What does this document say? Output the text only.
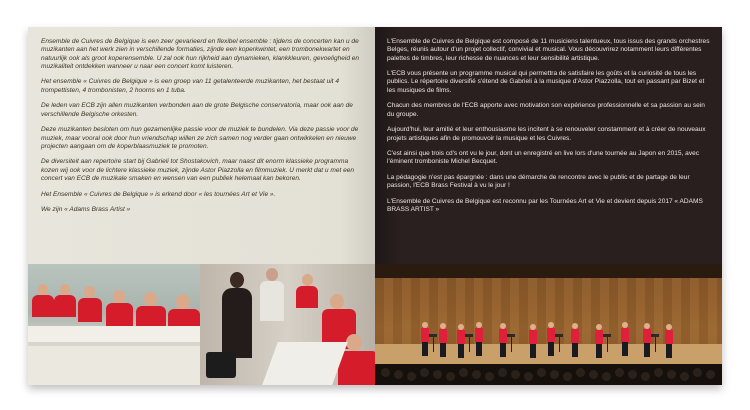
Ensemble de Cuivres de Belgique is een zeer gevarieerd en flexibel ensemble : tijdens de concerten kan u de muzikanten aan het werk zien in verschillende formaties, zijnde een koperkwintet, een trombonekwartet en natuurlijk ook als groot koperensemble. U zal ook hun rijkheid aan dynamieken, klankkleuren, gevoeligheid en muzikaliteit ontdekken wanneer u naar een concert komt luisteren.

Het ensemble « Cuivres de Belgique » is een groep van 11 getalenteerde muzikanten, het bestaat uit 4 trompettisten, 4 trombonisten, 2 hoorns en 1 tuba.

De leden van ECB zijn allen muzikanten verbonden aan de grote Belgische conservatoria, maar ook aan de verschillende Belgische orkesten.

Deze muzikanten besloten om hun gezamenlijke passie voor de muziek te bundelen. Via deze passie voor de muziek, maar vooral ook door hun vriendschap willen ze zich samen nog verder gaan ontwikkelen en nieuwe projecten aangaan om de koperblaasmuziek te promoten.

De diversiteit aan repertoire start bij Gabrieli tot Shostakovich, maar naast dit enorm klassieke programma kozen wij ook voor de lichtere klassieke muziek, zijnde Astor Piazzolla en filmmuziek. U merkt dat u met een concert van ECB de muzikale smaken en wensen van een publiek helemaal kan bekoren.

Het Ensemble « Cuivres de Belgique » is erkend door « les tournées Art et Vie ».

We zijn « Adams Brass Artist »

L'Ensemble de Cuivres de Belgique est composé de 11 musiciens talentueux, tous issus des grands orchestres Belges, réunis autour d'un projet collectif, convivial et musical. Vous découvrirez notamment leurs différentes palettes de timbres, leur richesse de nuances et leur sensibilité artistique.

L'ECB vous présente un programme musical qui permettra de satisfaire les goûts et la curiosité de tous les publics. Le répertoire diversifié s'étend de Gabrieli à la musique d'Astor Piazzolla, tout en passant par Bizet et les musiques de films.

Chacun des membres de l'ECB apporte avec motivation son expérience professionnelle et sa passion au sein du groupe.

Aujourd'hui, leur amitié et leur enthousiasme les incitent à se renouveler constamment et à créer de nouveaux projets artistiques afin de promouvoir la musique et les Cuivres.

C'est ainsi que trois cd's ont vu le jour, dont un enregistré en live lors d'une tournée au Japon en 2015, avec l'éminent tromboniste Michel Becquet.

La pédagogie n'est pas épargnée : dans une démarche de rencontre avec le public et de partage de leur passion, l'ECB Brass Festival à vu le jour !

L'Ensemble de Cuivres de Belgique est reconnu par les Tournées Art et Vie et devient depuis 2017 « ADAMS BRASS ARTIST »
